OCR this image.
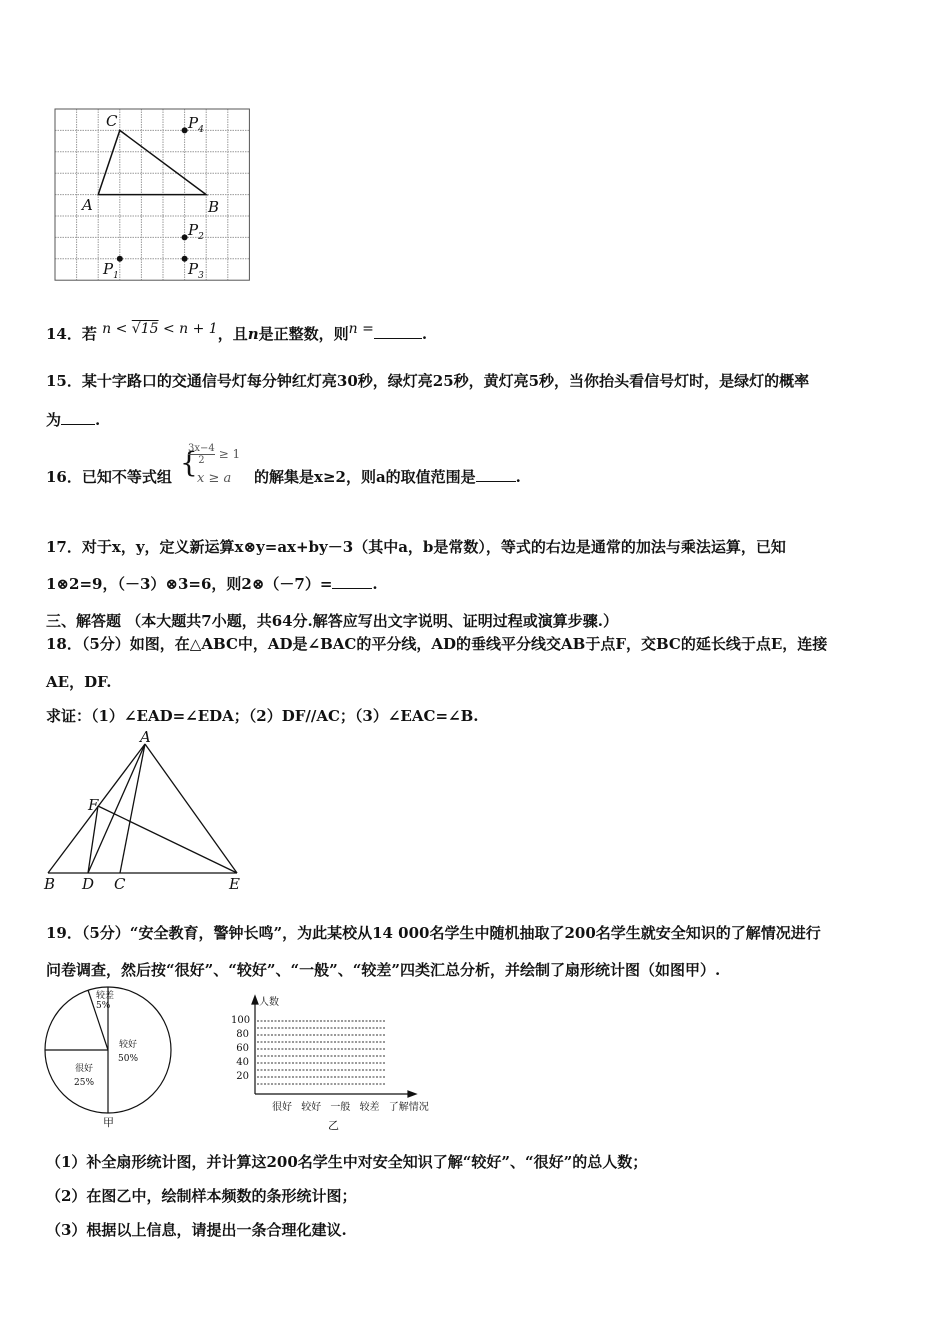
C
A	B
$P_4$
$P_2$
$P_3$
$P_1$
14．若 n < √15 < n + 1，且n是正整数，则n =	.
15．某十字路口的交通信号灯每分钟红灯亮30秒，绿灯亮25秒，黄灯亮5秒，当你抬头看信号灯时，是绿灯的概率
为 .
16．已知不等式组 {
$\frac{3x-4}{2} \ge 1$
x ≥ a 的解集是x≥2，则a的取值范围是	.
17．对于x，y，定义新运算x⊗y=ax+by－3（其中a，b是常数），等式的右边是通常的加法与乘法运算，已知
1⊗2=9，（－3）⊗3=6，则2⊗（－7）=	.
三、解答题 （本大题共7小题，共64分.解答应写出文字说明、证明过程或演算步骤.）
18．（5分）如图，在△ABC中，AD是∠BAC的平分线，AD的垂线平分线交AB于点F，交BC的延长线于点E，连接
AE，DF.
求证：（1）∠EAD=∠EDA；（2）DF//AC；（3）∠EAC=∠B.
A
F
B D C	E
19．（5分）“安全教育，警钟长鸣”，为此某校从14 000名学生中随机抽取了200名学生就安全知识的了解情况进行
问卷调查，然后按“很好”、“较好”、“一般”、“较差”四类汇总分析，并绘制了扇形统计图（如图甲）.
较差
5%
较好
50%
很好
25%
甲
人数
100
80
60
40
20
很好 较好 一般 较差 了解情况
乙
（1）补全扇形统计图，并计算这200名学生中对安全知识了解“较好”、“很好”的总人数；
（2）在图乙中，绘制样本频数的条形统计图；
（3）根据以上信息，请提出一条合理化建议.
